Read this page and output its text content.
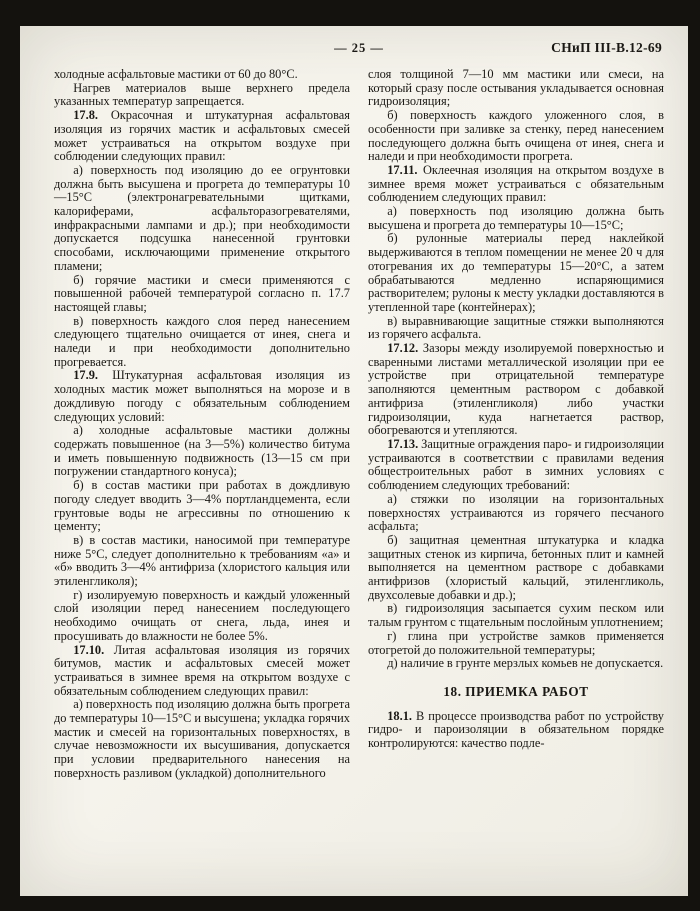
— 25 —	СНиП III-В.12-69

холодные асфальтовые мастики от 60 до 80°С.

Нагрев материалов выше верхнего предела указанных температур запрещается.

17.8. Окрасочная и штукатурная асфальтовая изоляция из горячих мастик и асфальтовых смесей может устраиваться на открытом воздухе при соблюдении следующих правил:

а) поверхность под изоляцию до ее огрунтовки должна быть высушена и прогрета до температуры 10—15°С (электронагревательными щитками, калориферами, асфальторазогревателями, инфракрасными лампами и др.); при необходимости допускается подсушка нанесенной грунтовки способами, исключающими применение открытого пламени;

б) горячие мастики и смеси применяются с повышенной рабочей температурой согласно п. 17.7 настоящей главы;

в) поверхность каждого слоя перед нанесением следующего тщательно очищается от инея, снега и наледи и при необходимости дополнительно прогревается.

17.9. Штукатурная асфальтовая изоляция из холодных мастик может выполняться на морозе и в дождливую погоду с обязательным соблюдением следующих условий:

а) холодные асфальтовые мастики должны содержать повышенное (на 3—5%) количество битума и иметь повышенную подвижность (13—15 см при погружении стандартного конуса);

б) в состав мастики при работах в дождливую погоду следует вводить 3—4% портландцемента, если грунтовые воды не агрессивны по отношению к цементу;

в) в состав мастики, наносимой при температуре ниже 5°С, следует дополнительно к требованиям «а» и «б» вводить 3—4% антифриза (хлористого кальция или этиленгликоля);

г) изолируемую поверхность и каждый уложенный слой изоляции перед нанесением последующего необходимо очищать от снега, льда, инея и просушивать до влажности не более 5%.

17.10. Литая асфальтовая изоляция из горячих битумов, мастик и асфальтовых смесей может устраиваться в зимнее время на открытом воздухе с обязательным соблюдением следующих правил:

а) поверхность под изоляцию должна быть прогрета до температуры 10—15°С и высушена; укладка горячих мастик и смесей на горизонтальных поверхностях, в случае невозможности их высушивания, допускается при условии предварительного нанесения на поверхность разливом (укладкой) дополнительного

слоя толщиной 7—10 мм мастики или смеси, на который сразу после остывания укладывается основная гидроизоляция;

б) поверхность каждого уложенного слоя, в особенности при заливке за стенку, перед нанесением последующего должна быть очищена от инея, снега и наледи и при необходимости прогрета.

17.11. Оклеечная изоляция на открытом воздухе в зимнее время может устраиваться с обязательным соблюдением следующих правил:

а) поверхность под изоляцию должна быть высушена и прогрета до температуры 10—15°С;

б) рулонные материалы перед наклейкой выдерживаются в теплом помещении не менее 20 ч для отогревания их до температуры 15—20°С, а затем обрабатываются медленно испаряющимися растворителем; рулоны к месту укладки доставляются в утепленной таре (контейнерах);

в) выравнивающие защитные стяжки выполняются из горячего асфальта.

17.12. Зазоры между изолируемой поверхностью и сваренными листами металлической изоляции при ее устройстве при отрицательной температуре заполняются цементным раствором с добавкой антифриза (этиленгликоля) либо участки гидроизоляции, куда нагнетается раствор, обогреваются и утепляются.

17.13. Защитные ограждения паро- и гидроизоляции устраиваются в соответствии с правилами ведения общестроительных работ в зимних условиях с соблюдением следующих требований:

а) стяжки по изоляции на горизонтальных поверхностях устраиваются из горячего песчаного асфальта;

б) защитная цементная штукатурка и кладка защитных стенок из кирпича, бетонных плит и камней выполняется на цементном растворе с добавками антифризов (хлористый кальций, этиленгликоль, двухсолевые добавки и др.);

в) гидроизоляция засыпается сухим песком или талым грунтом с тщательным послойным уплотнением;

г) глина при устройстве замков применяется отогретой до положительной температуры;

д) наличие в грунте мерзлых комьев не допускается.

18. ПРИЕМКА РАБОТ

18.1. В процессе производства работ по устройству гидро- и пароизоляции в обязательном порядке контролируются: качество подле-
